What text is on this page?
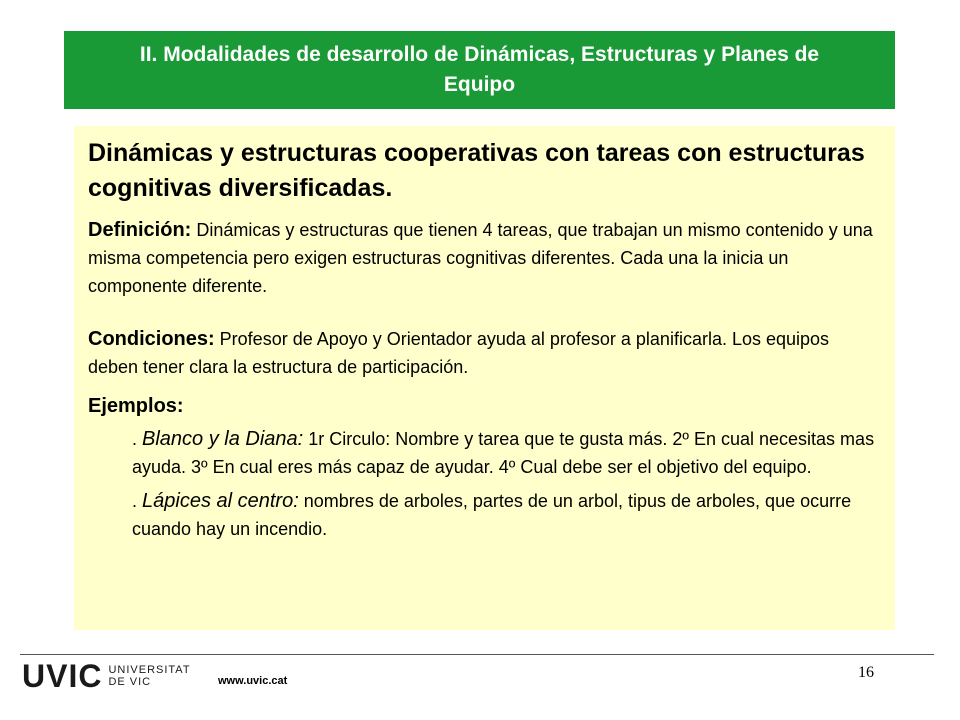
II. Modalidades de desarrollo de Dinámicas, Estructuras y Planes de Equipo

Dinámicas y estructuras cooperativas con tareas con estructuras cognitivas diversificadas.

Definición: Dinámicas y estructuras que tienen 4 tareas, que trabajan un mismo contenido y una misma competencia pero exigen estructuras cognitivas diferentes. Cada una la inicia un componente diferente.

Condiciones: Profesor de Apoyo y Orientador ayuda al profesor a planificarla. Los equipos deben tener clara la estructura de participación.

Ejemplos:

. Blanco y la Diana: 1r Circulo: Nombre y tarea que te gusta más. 2º En cual necesitas mas ayuda. 3º En cual eres más capaz de ayudar. 4º Cual debe ser el objetivo del equipo.

. Lápices al centro: nombres de arboles, partes de un arbol, tipus de arboles, que ocurre cuando hay un incendio.

UVIC UNIVERSITAT
DE VIC	www.uvic.cat	16
